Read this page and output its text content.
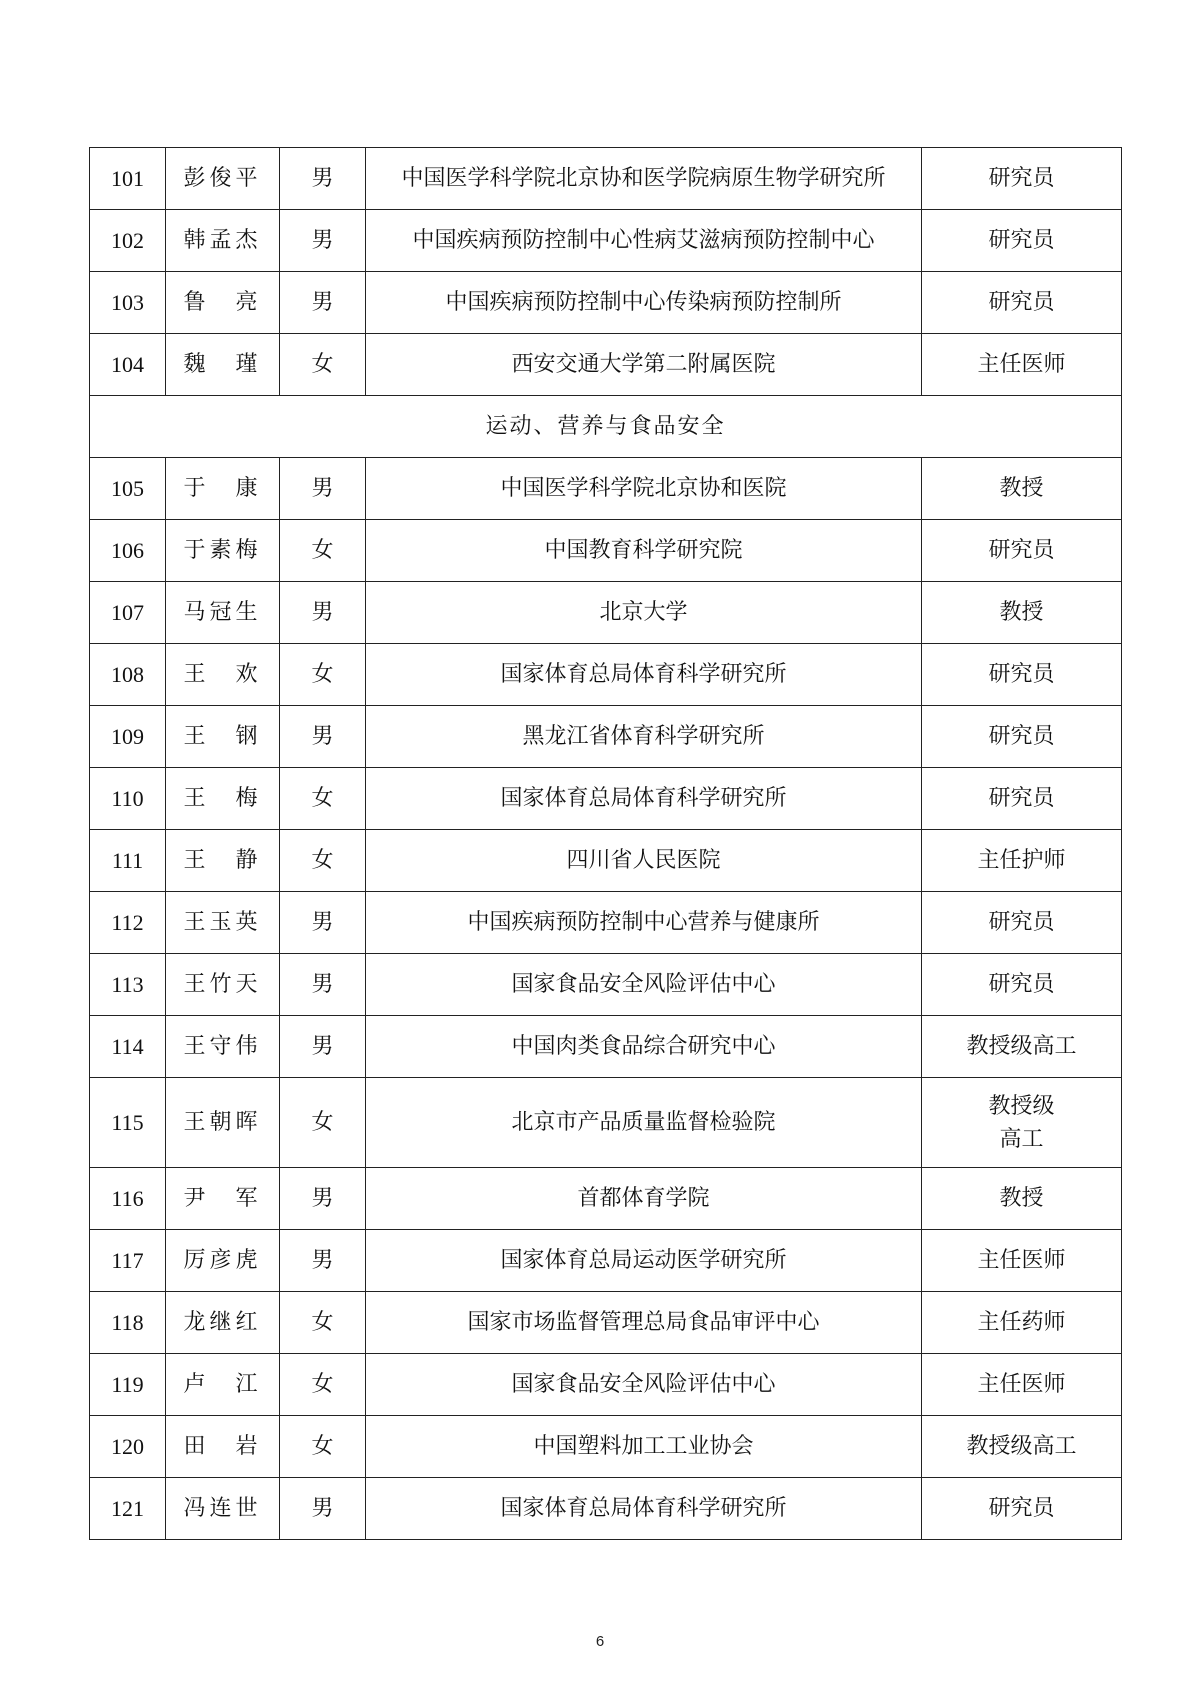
101	彭俊平	男	中国医学科学院北京协和医学院病原生物学研究所	研究员
102	韩孟杰	男	中国疾病预防控制中心性病艾滋病预防控制中心	研究员
103	鲁　亮	男	中国疾病预防控制中心传染病预防控制所	研究员
104	魏　瑾	女	西安交通大学第二附属医院	主任医师
运动、营养与食品安全				
105	于　康	男	中国医学科学院北京协和医院	教授
106	于素梅	女	中国教育科学研究院	研究员
107	马冠生	男	北京大学	教授
108	王　欢	女	国家体育总局体育科学研究所	研究员
109	王　钢	男	黑龙江省体育科学研究所	研究员
110	王　梅	女	国家体育总局体育科学研究所	研究员
111	王　静	女	四川省人民医院	主任护师
112	王玉英	男	中国疾病预防控制中心营养与健康所	研究员
113	王竹天	男	国家食品安全风险评估中心	研究员
114	王守伟	男	中国肉类食品综合研究中心	教授级高工
115	王朝晖	女	北京市产品质量监督检验院	教授级
高工

116	尹　军	男	首都体育学院	教授
117	厉彦虎	男	国家体育总局运动医学研究所	主任医师
118	龙继红	女	国家市场监督管理总局食品审评中心	主任药师
119	卢　江	女	国家食品安全风险评估中心	主任医师
120	田　岩	女	中国塑料加工工业协会	教授级高工
121	冯连世	男	国家体育总局体育科学研究所	研究员
6
